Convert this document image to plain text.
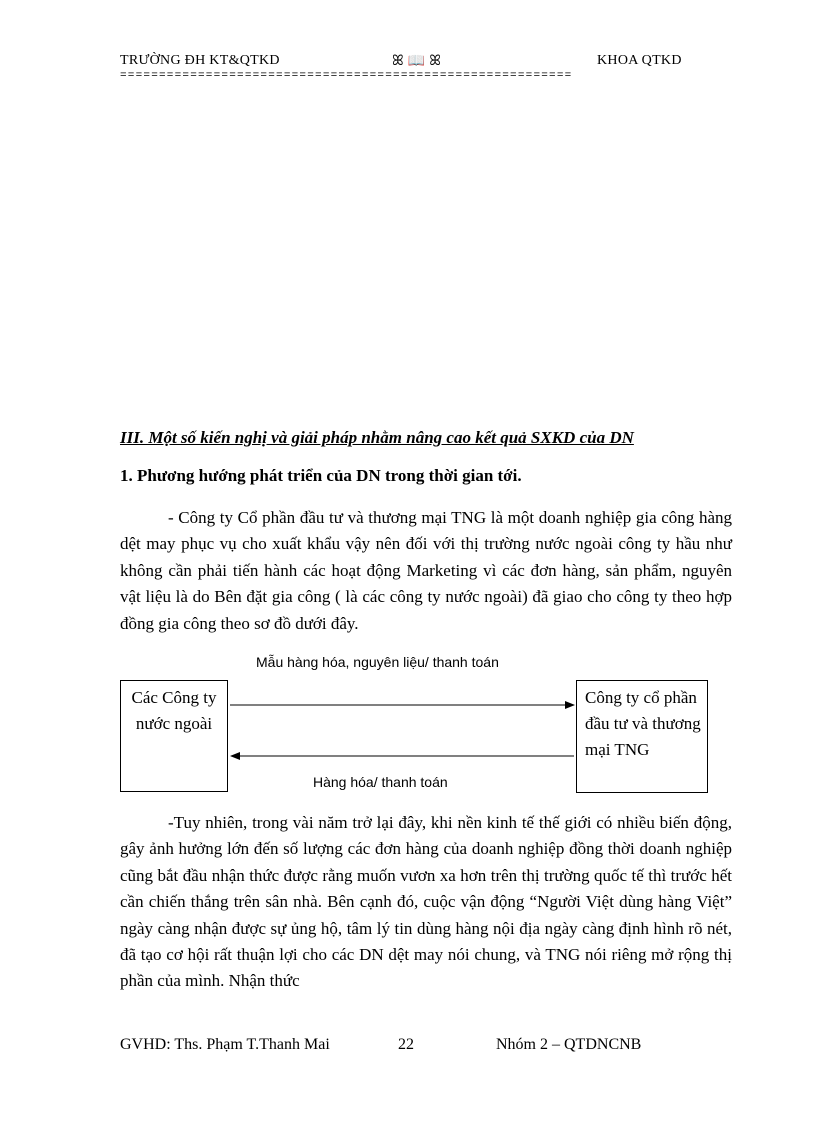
TRƯỜNG ĐH KT&QTKD	ꕤ 📖 ꕤ	KHOA QTKD
==========================================================
III. Một số kiến nghị và giải pháp nhằm nâng cao kết quả SXKD của DN
1. Phương hướng phát triển của DN trong thời gian tới.
- Công ty Cổ phần đầu tư và thương mại TNG là một doanh nghiệp gia công hàng dệt may phục vụ cho xuất khẩu vậy nên đối với thị trường nước ngoài công ty hầu như không cần phải tiến hành các hoạt động Marketing vì các đơn hàng, sản phẩm, nguyên vật liệu là do Bên đặt gia công ( là các công ty nước ngoài) đã giao cho công ty theo hợp đồng gia công theo sơ đồ dưới đây.
Mẫu hàng hóa, nguyên liệu/ thanh toán
Các Công ty nước ngoài
Công ty cổ phần đầu tư và thương mại TNG
Hàng hóa/ thanh toán
-Tuy nhiên, trong vài năm trở lại đây, khi nền kinh tế thế giới có nhiều biến động, gây ảnh hưởng lớn đến số lượng các đơn hàng của doanh nghiệp đồng thời doanh nghiệp cũng bắt đầu nhận thức được rằng muốn vươn xa hơn trên thị trường quốc tế thì trước hết cần chiến thắng trên sân nhà. Bên cạnh đó, cuộc vận động “Người Việt dùng hàng Việt” ngày càng nhận được sự ủng hộ, tâm lý tin dùng hàng nội địa ngày càng định hình rõ nét, đã tạo cơ hội rất thuận lợi cho các DN dệt may nói chung, và TNG nói riêng mở rộng thị phần của mình. Nhận thức
GVHD: Ths. Phạm T.Thanh Mai	22	Nhóm 2 – QTDNCNB
